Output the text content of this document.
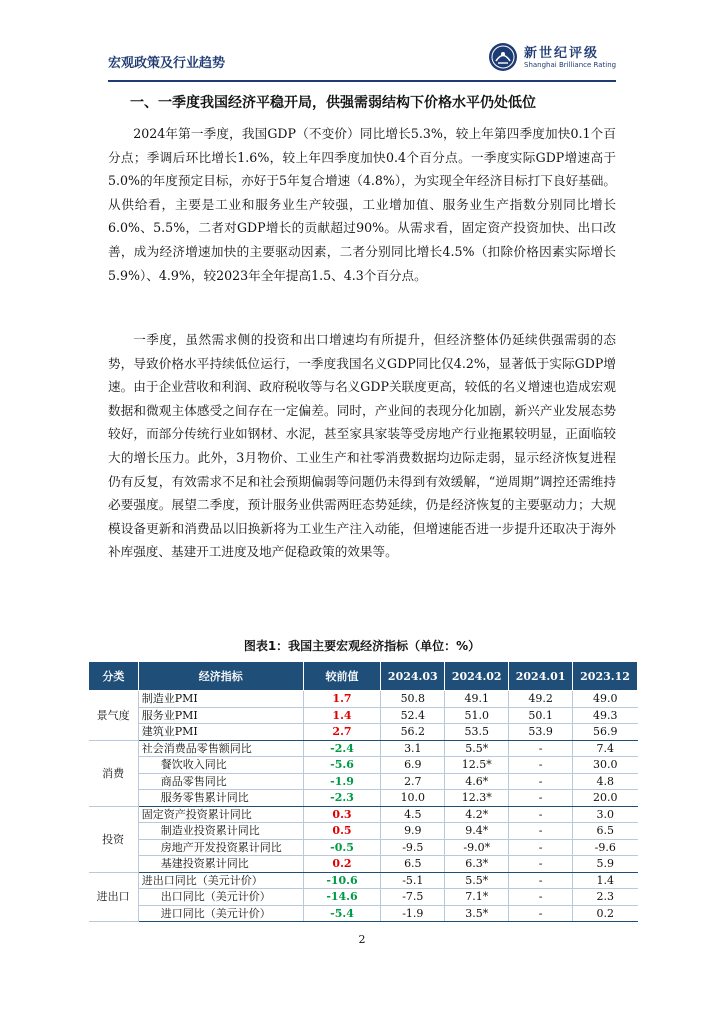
宏观政策及行业趋势
新世纪评级
Shanghai Brilliance Rating
一、一季度我国经济平稳开局，供强需弱结构下价格水平仍处低位

2024年第一季度，我国GDP（不变价）同比增长5.3%，较上年第四季度加快0.1个百分点；季调后环比增长1.6%，较上年四季度加快0.4个百分点。一季度实际GDP增速高于5.0%的年度预定目标，亦好于5年复合增速（4.8%），为实现全年经济目标打下良好基础。从供给看，主要是工业和服务业生产较强，工业增加值、服务业生产指数分别同比增长6.0%、5.5%，二者对GDP增长的贡献超过90%。从需求看，固定资产投资加快、出口改善，成为经济增速加快的主要驱动因素，二者分别同比增长4.5%（扣除价格因素实际增长5.9%）、4.9%，较2023年全年提高1.5、4.3个百分点。

一季度，虽然需求侧的投资和出口增速均有所提升，但经济整体仍延续供强需弱的态势，导致价格水平持续低位运行，一季度我国名义GDP同比仅4.2%，显著低于实际GDP增速。由于企业营收和利润、政府税收等与名义GDP关联度更高，较低的名义增速也造成宏观数据和微观主体感受之间存在一定偏差。同时，产业间的表现分化加剧，新兴产业发展态势较好，而部分传统行业如钢材、水泥，甚至家具家装等受房地产行业拖累较明显，正面临较大的增长压力。此外，3月物价、工业生产和社零消费数据均边际走弱，显示经济恢复进程仍有反复，有效需求不足和社会预期偏弱等问题仍未得到有效缓解，“逆周期”调控还需维持必要强度。展望二季度，预计服务业供需两旺态势延续，仍是经济恢复的主要驱动力；大规模设备更新和消费品以旧换新将为工业生产注入动能，但增速能否进一步提升还取决于海外补库强度、基建开工进度及地产促稳政策的效果等。

图表1：我国主要宏观经济指标（单位：%）
分类	经济指标	较前值	2024.03	2024.02	2024.01	2023.12
景气度	制造业PMI	1.7	50.8	49.1	49.2	49.0
	服务业PMI	1.4	52.4	51.0	50.1	49.3
	建筑业PMI	2.7	56.2	53.5	53.9	56.9
消费	社会消费品零售额同比	-2.4	3.1	5.5*	-	7.4
	餐饮收入同比	-5.6	6.9	12.5*	-	30.0
	商品零售同比	-1.9	2.7	4.6*	-	4.8
	服务零售累计同比	-2.3	10.0	12.3*	-	20.0
投资	固定资产投资累计同比	0.3	4.5	4.2*	-	3.0
	制造业投资累计同比	0.5	9.9	9.4*	-	6.5
	房地产开发投资累计同比	-0.5	-9.5	-9.0*	-	-9.6
	基建投资累计同比	0.2	6.5	6.3*	-	5.9
进出口	进出口同比（美元计价）	-10.6	-5.1	5.5*	-	1.4
	出口同比（美元计价）	-14.6	-7.5	7.1*	-	2.3
	进口同比（美元计价）	-5.4	-1.9	3.5*	-	0.2
2
